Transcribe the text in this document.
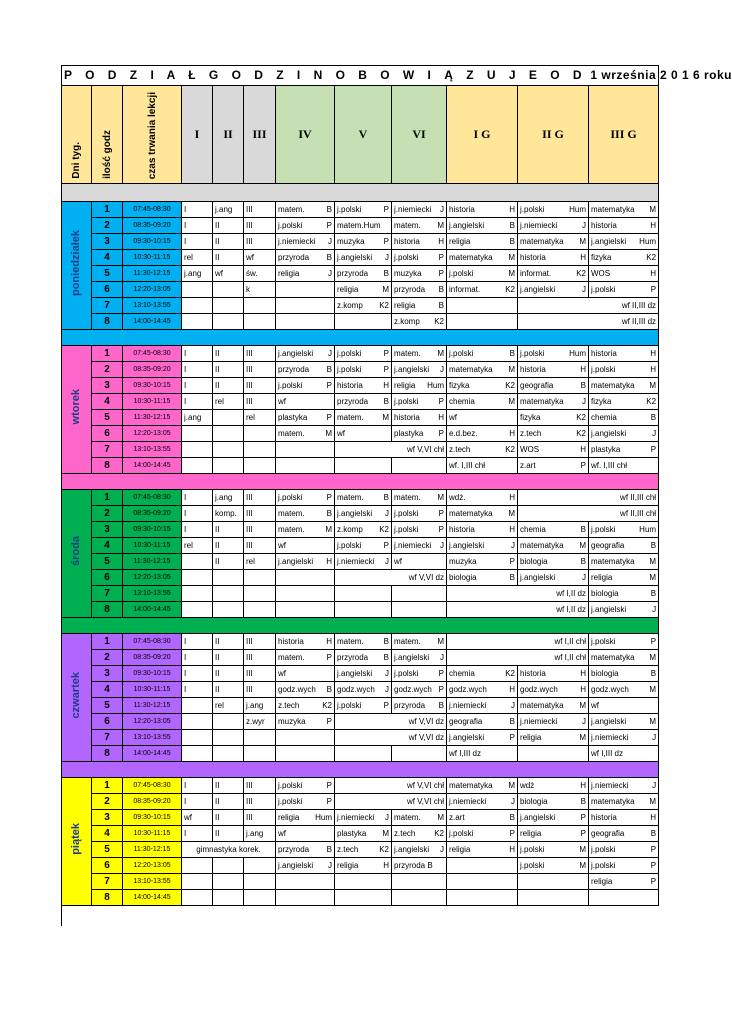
P O D Z I A Ł G O D Z I N O B O W I Ą Z U J E O D 1 września 2 0 1 6 roku											
Dni tyg.	ilość godz	czas trwania lekcji	I	II	III	IV	V	VI	I G	II G	III G

poniedziałek	1	07:45-08:30	I	j.ang	III	matem. B	j.polski P	j.niemiecki J	historia H	j.polski Hum	matematyka M

	2	08:35-09:20	I	II	III	j.polski P	matem.Hum	matem. M	j.angielski B	j.niemiecki J	historia H

	3	09:30-10:15	I	II	III	j.niemiecki J	muzyka P	historia H	religia B	matematyka M	j.angielski Hum

	4	10:30-11:15	rel	II	wf	przyroda B	j.angielski J	j.polski P	matematyka M	historia H	fizyka K2

	5	11:30-12:15	j.ang	wf	św.	religia J	przyroda B	muzyka P	j.polski M	informat. K2	WOS H

	6	12:20-13:05			k		religia M	przyroda B	informat. K2	j.angielski J	j.polski P

	7	13:10-13:55					z.komp K2	religia B		wf II,III dz	
	8	14:00-14:45						z.komp K2		wf II,III dz	

wtorek	1	07:45-08:30	I	II	III	j.angielski J	j.polski P	matem. M	j.polski B	j.polski Hum	historia H

	2	08:35-09:20	I	II	III	przyroda B	j.polski P	j.angielski J	matematyka M	historia H	j.polski H

	3	09:30-10:15	I	II	III	j.polski P	historia H	religia Hum	fizyka K2	geografia B	matematyka M

	4	10:30-11:15	I	rel	III	wf	przyroda B	j.polski P	chemia M	matematyka J	fizyka K2

	5	11:30-12:15	j.ang		rel	plastyka P	matem. M	historia H	wf	fizyka K2	chemia B

	6	12:20-13:05				matem. M	wf	plastyka P	e.d.bez. H	z.tech K2	j.angielski J

	7	13:10-13:55					wf V,VI chł		z.tech K2	WOS H	plastyka P

	8	14:00-14:45							wf. I,III chł	z.art P	wf. I,III chł

środa	1	07:45-08:30	I	j.ang	III	j.polski P	matem. B	matem. M	wdż. H	wf II,III chł	
	2	08:35-09:20	I	komp.	III	matem. B	j.angielski J	j.polski P	matematyka M	wf II,III chł	
	3	09:30-10:15	I	II	III	matem. M	z.komp K2	j.polski P	historia H	chemia B	j.polski Hum

	4	10:30-11:15	rel	II	III	wf	j.polski P	j.niemiecki J	j.angielski J	matematyka M	geografia B

	5	11:30-12:15		II	rel	j.angielski H	j.niemiecki J	wf	muzyka P	biologia B	matematyka M

	6	12:20-13:05					wf V,VI dz		biologia B	j.angielski J	religia M

	7	13:10-13:55							wf I,II dz		biologia B

	8	14:00-14:45							wf I,II dz		j.angielski J

czwartek	1	07:45-08:30	I	II	III	historia H	matem. B	matem. M	wf I,II chł		j.polski P

	2	08:35-09:20	I	II	III	matem. P	przyroda B	j.angielski J	wf I,II chł		matematyka M

	3	09:30-10:15	I	II	III	wf	j.angielski J	j.polski P	chemia K2	historia H	biologia B

	4	10:30-11:15	I	II	III	godz.wych B	godz.wych J	godz.wych P	godz.wych H	godz.wych H	godz.wych M

	5	11:30-12:15		rel	j.ang	z.tech K2	j.polski P	przyroda B	j.niemiecki J	matematyka M	wf

	6	12:20-13:05			z.wyr	muzyka P	wf V,VI dz		geografia B	j.niemiecki J	j.angielski M

	7	13:10-13:55					wf V,VI dz		j.angielski P	religia M	j.niemiecki J

	8	14:00-14:45							wf I,III dz		wf I,III dz

piątek	1	07:45-08:30	I	II	III	j.polski P	wf V,VI chł		matematyka M	wdż H	j.niemiecki J

	2	08:35-09:20	I	II	III	j.polski P	wf V,VI chł		j.niemiecki J	biologia B	matematyka M

	3	09:30-10:15	wf	II	III	religia Hum	j.niemiecki J	matem. M	z.art B	j.angielski P	historia H

	4	10:30-11:15	I	II	j.ang	wf	plastyka M	z.tech K2	j.polski P	religia P	geografia B

	5	11:30-12:15	gimnastyka korek.			przyroda B	z.tech K2	j.angielski J	religia H	j.polski M	j.polski P

	6	12:20-13:05				j.angielski J	religia H	przyroda B		j.polski M	j.polski P

	7	13:10-13:55									religia P

	8	14:00-14:45									
